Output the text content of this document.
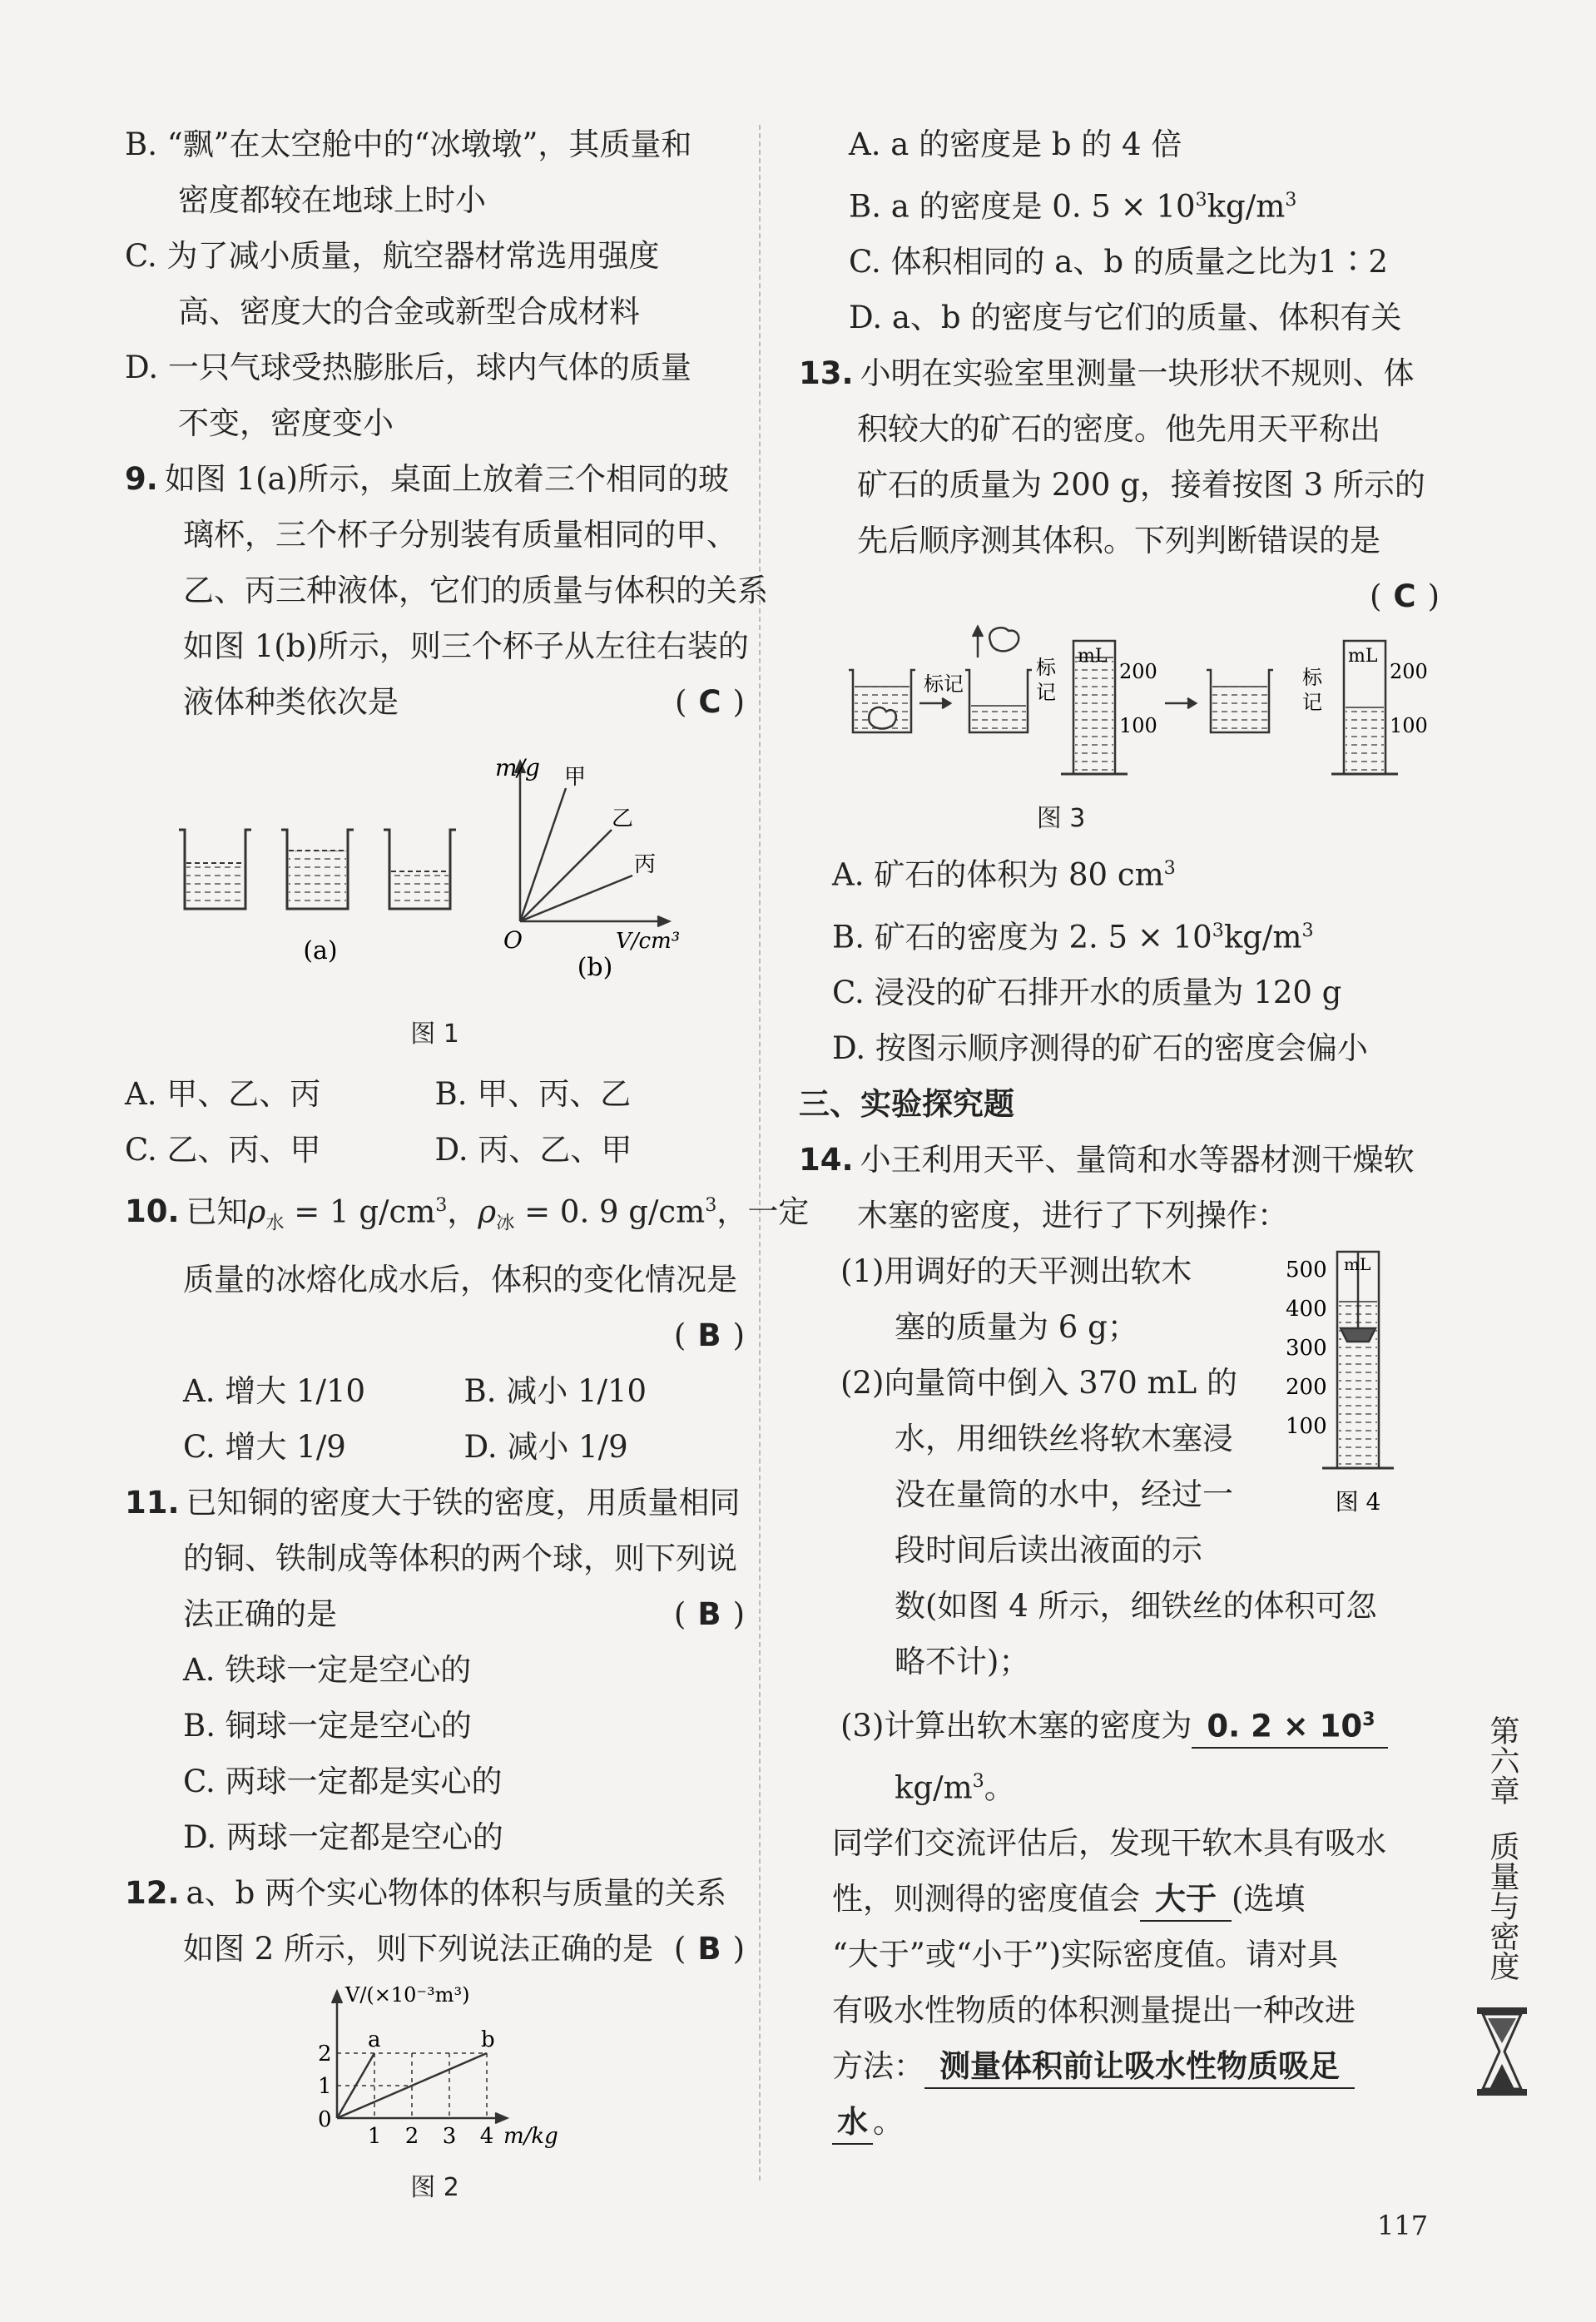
B. “飘”在太空舱中的“冰墩墩”，其质量和
密度都较在地球上时小
C. 为了减小质量，航空器材常选用强度
高、密度大的合金或新型合成材料
D. 一只气球受热膨胀后，球内气体的质量
不变，密度变小
9. 如图 1(a)所示，桌面上放着三个相同的玻
璃杯，三个杯子分别装有质量相同的甲、
乙、丙三种液体，它们的质量与体积的关系
如图 1(b)所示，则三个杯子从左往右装的
液体种类依次是	( C )
(a)
m/g 甲
乙
丙
O	V/cm³
(b)
图 1
A. 甲、乙、丙	B. 甲、丙、乙
C. 乙、丙、甲	D. 丙、乙、甲
10. 已知$\rho_水 = 1$ $g/cm^3$，$\rho_冰 = 0$. 9 $g/cm^3$，一定
质量的冰熔化成水后，体积的变化情况是
( B )

A. 增大 1/10	B. 减小 1/10
C. 增大 1/9	D. 减小 1/9
11. 已知铜的密度大于铁的密度，用质量相同
的铜、铁制成等体积的两个球，则下列说
法正确的是	( B )
A. 铁球一定是空心的
B. 铜球一定是空心的
C. 两球一定都是实心的
D. 两球一定都是空心的
12. a、b 两个实心物体的体积与质量的关系
如图 2 所示，则下列说法正确的是 ( B )
V/(×10⁻³m³)
a	b
2
1
0
1 2 3 4 m/kg
图 2
A. a 的密度是 b 的 4 倍
B. a 的密度是 0. $5 \times 10^3kg/m^3$
C. 体积相同的 a、b 的质量之比为1∶2
D. a、b 的密度与它们的质量、体积有关
13. 小明在实验室里测量一块形状不规则、体
积较大的矿石的密度。他先用天平称出
矿石的质量为 200 g，接着按图 3 所示的
先后顺序测其体积。下列判断错误的是
( C )

标记
标
记
mL
200
100
标
记
mL
200
100
图 3
A. 矿石的体积为 80 $cm^3$
B. 矿石的密度为 2. $5 \times 10^3kg/m^3$
C. 浸没的矿石排开水的质量为 120 g
D. 按图示顺序测得的矿石的密度会偏小
三、实验探究题
14. 小王利用天平、量筒和水等器材测干燥软
木塞的密度，进行了下列操作：
(1)用调好的天平测出软木
塞的质量为 6 g；
(2)向量筒中倒入 370 mL 的
水，用细铁丝将软木塞浸
没在量筒的水中，经过一
段时间后读出液面的示
mL
500
400
300
200
100
图 4
数(如图 4 所示，细铁丝的体积可忽
略不计)；
(3)计算出软木塞的密度为 0. $2 \times 10^3$
$kg/m^3$。
同学们交流评估后，发现干软木具有吸水
性，则测得的密度值会 大于 (选填
“大于”或“小于”)实际密度值。请对具
有吸水性物质的体积测量提出一种改进
方法： 测量体积前让吸水性物质吸足
水 。
第六章
质量与密度
117
